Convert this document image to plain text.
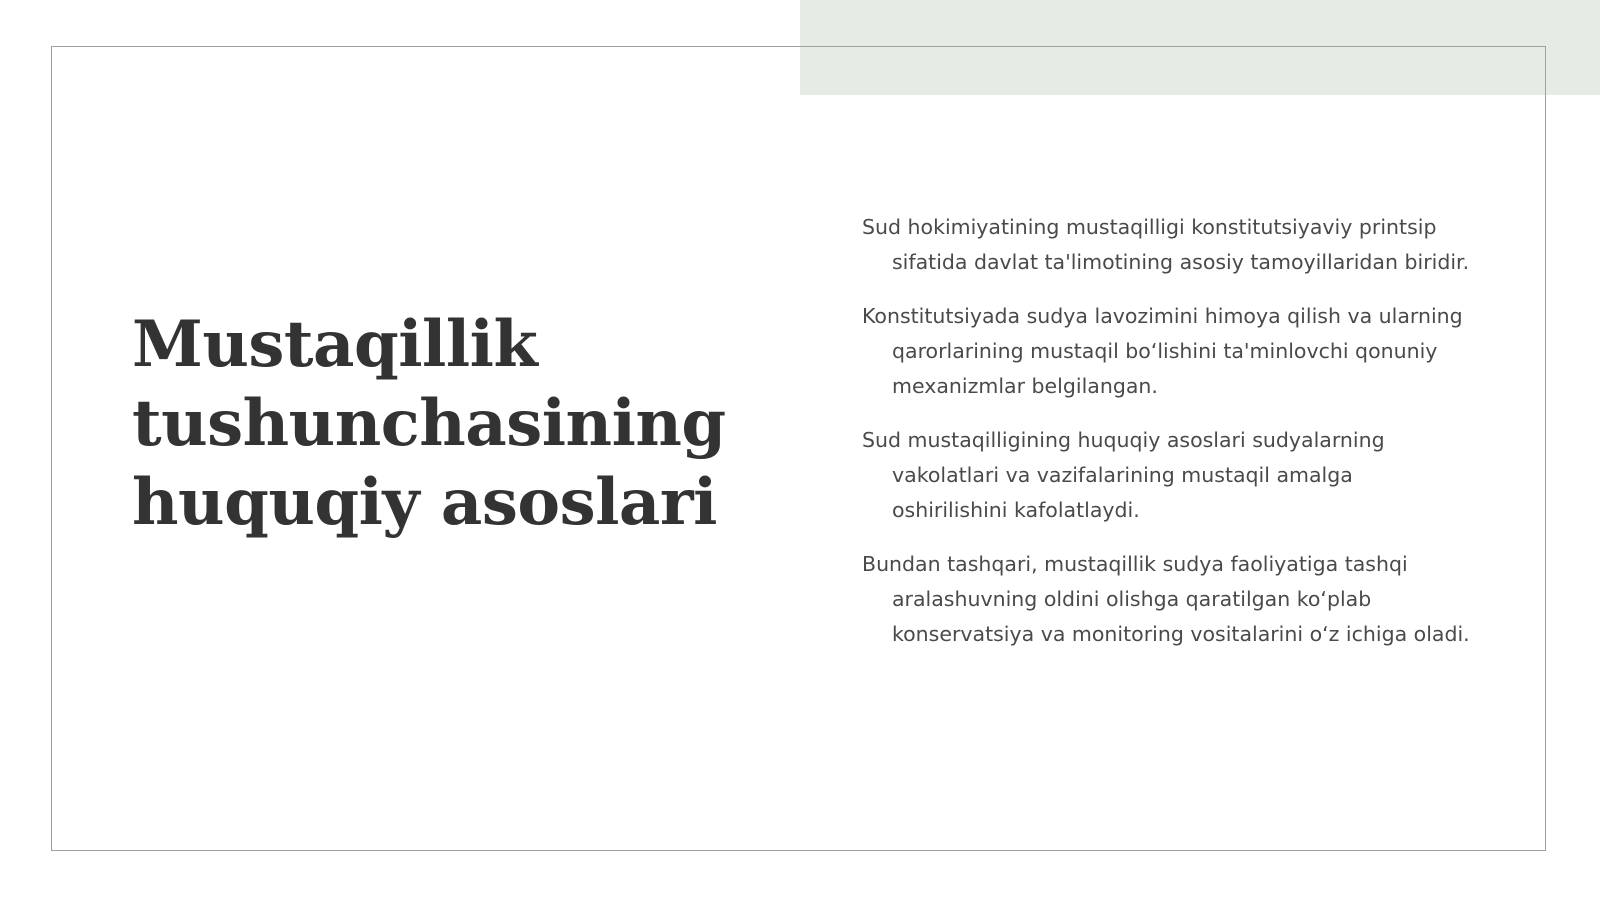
Mustaqillik tushunchasining huquqiy asoslari

Sud hokimiyatining mustaqilligi konstitutsiyaviy printsip sifatida davlat ta'limotining asosiy tamoyillaridan biridir.

Konstitutsiyada sudya lavozimini himoya qilish va ularning qarorlarining mustaqil bo‘lishini ta'minlovchi qonuniy mexanizmlar belgilangan.

Sud mustaqilligining huquqiy asoslari sudyalarning vakolatlari va vazifalarining mustaqil amalga oshirilishini kafolatlaydi.

Bundan tashqari, mustaqillik sudya faoliyatiga tashqi aralashuvning oldini olishga qaratilgan ko‘plab konservatsiya va monitoring vositalarini o‘z ichiga oladi.
